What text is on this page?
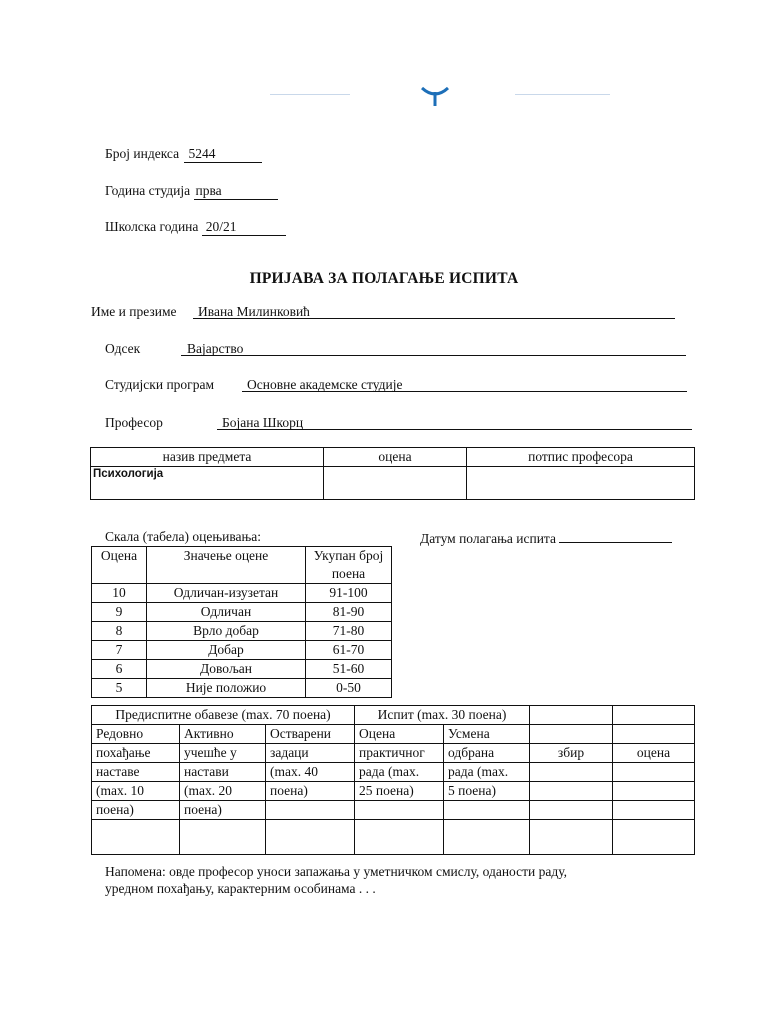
Број индекса 5244
Година студија прва
Школска година 20/21
ПРИЈАВА ЗА ПОЛАГАЊЕ ИСПИТА
Име и презиме Ивана Милинковић
Одсек	Вајарство
Студијски програм Основне академске студије
Професор	Бојана Шкорц
назив предмета	оцена	потпис професора
Психологија		
Скала (табела) оцењивања:	Датум полагања испита
Оцена	Значење оцене	Укупан број поена
10	Одличан-изузетан	91-100
9	Одличан	81-90
8	Врло добар	71-80
7	Добар	61-70
6	Довољан	51-60
5	Није положио	0-50
Предиспитне обавезе (max. 70 поена)			Испит (max. 30 поена)			
Редовно	Активно	Остварени	Оцена	Усмена		
похађање	учешће у	задаци	практичног	одбрана	збир	оцена
наставе	настави	(max. 40	рада (max.	рада (max.		
(max. 10	(max. 20	поена)	25 поена)	5 поена)		
поена)	поена)					

Напомена: овде професор уноси запажања у уметничком смислу, оданости раду,
уредном похађању, карактерним особинама . . .
